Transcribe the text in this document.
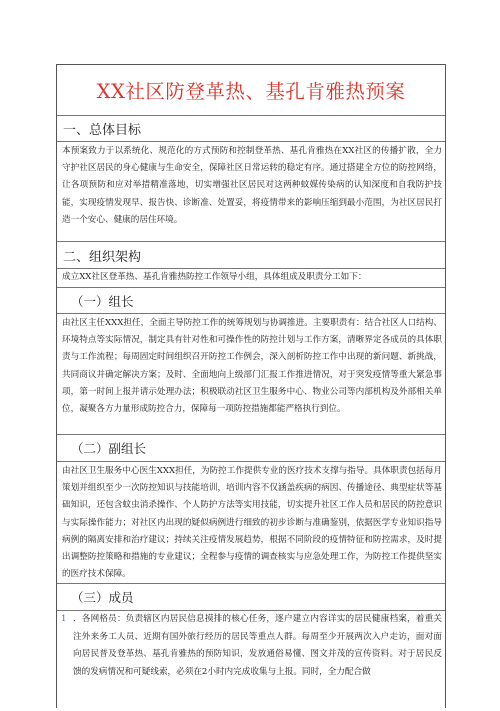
XX社区防登革热、基孔肯雅热预案
一、总体目标
本预案致力于以系统化、规范化的方式预防和控制登革热、基孔肯雅热在XX社区的传播扩散，全力守护社区居民的身心健康与生命安全，保障社区日常运转的稳定有序。通过搭建全方位的防控网络，让各项预防和应对举措精准落地，切实增强社区居民对这两种蚊媒传染病的认知深度和自我防护技能，实现疫情发现早、报告快、诊断准、处置妥，将疫情带来的影响压缩到最小范围，为社区居民打造一个安心、健康的居住环境。
二、组织架构
成立XX社区登革热、基孔肯雅热防控工作领导小组，具体组成及职责分工如下：
（一）组长
由社区主任XXX担任，全面主导防控工作的统筹规划与协调推进。主要职责有：结合社区人口结构、环境特点等实际情况，制定具有针对性和可操作性的防控计划与工作方案，清晰界定各成员的具体职责与工作流程；每周固定时间组织召开防控工作例会，深入剖析防控工作中出现的新问题、新挑战，共同商议并确定解决方案；及时、全面地向上级部门汇报工作推进情况，对于突发疫情等重大紧急事项，第一时间上报并请示处理办法；积极联动社区卫生服务中心、物业公司等内部机构及外部相关单位，凝聚各方力量形成防控合力，保障每一项防控措施都能严格执行到位。
（二）副组长
由社区卫生服务中心医生XXX担任，为防控工作提供专业的医疗技术支撑与指导。具体职责包括每月策划并组织至少一次防控知识与技能培训，培训内容不仅涵盖疾病的病因、传播途径、典型症状等基础知识，还包含蚊虫消杀操作、个人防护方法等实用技能，切实提升社区工作人员和居民的防控意识与实际操作能力；对社区内出现的疑似病例进行细致的初步诊断与准确鉴别，依据医学专业知识指导病例的隔离安排和治疗建议；持续关注疫情发展趋势，根据不同阶段的疫情特征和防控需求，及时提出调整防控策略和措施的专业建议；全程参与疫情的调查核实与应急处理工作，为防控工作提供坚实的医疗技术保障。
（三）成员
1 ．各网格员：负责辖区内居民信息摸排的核心任务，逐户建立内容详实的居民健康档案，着重关注外来务工人员、近期有国外旅行经历的居民等重点人群。每周至少开展两次入户走访，面对面向居民普及登革热、基孔肯雅热的预防知识，发放通俗易懂、图文并茂的宣传资料。对于居民反馈的发病情况和可疑线索，必须在2小时内完成收集与上报。同时，全力配合做
